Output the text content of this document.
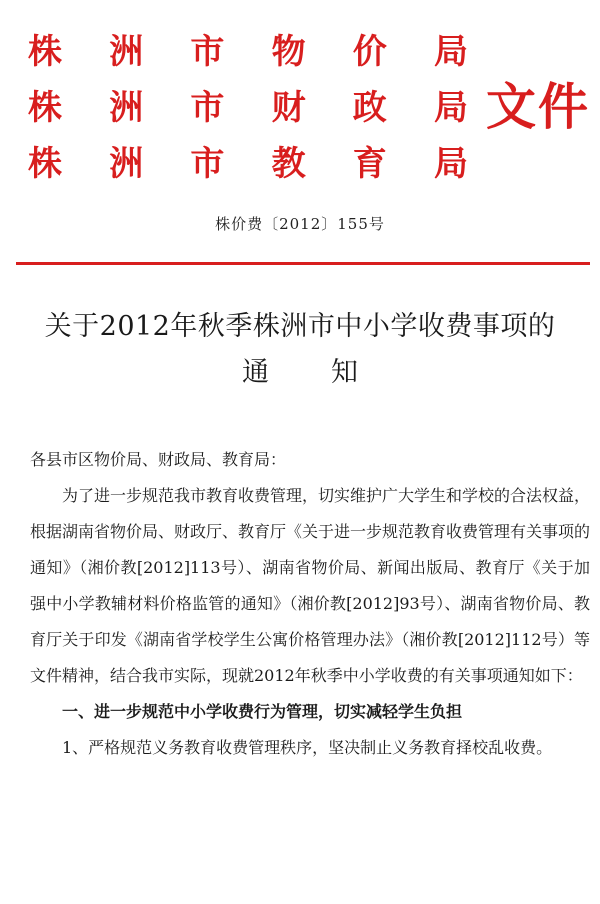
株 洲 市 物 价 局
株 洲 市 财 政 局
株 洲 市 教 育 局
文件
株价费〔2012〕155号
关于2012年秋季株洲市中小学收费事项的
通知

各县市区物价局、财政局、教育局：

为了进一步规范我市教育收费管理，切实维护广大学生和学校的合法权益，根据湖南省物价局、财政厅、教育厅《关于进一步规范教育收费管理有关事项的通知》（湘价教[2012]113号）、湖南省物价局、新闻出版局、教育厅《关于加强中小学教辅材料价格监管的通知》（湘价教[2012]93号）、湖南省物价局、教育厅关于印发《湖南省学校学生公寓价格管理办法》（湘价教[2012]112号）等文件精神，结合我市实际，现就2012年秋季中小学收费的有关事项通知如下：

一、进一步规范中小学收费行为管理，切实减轻学生负担

1、严格规范义务教育收费管理秩序，坚决制止义务教育择校乱收费。
